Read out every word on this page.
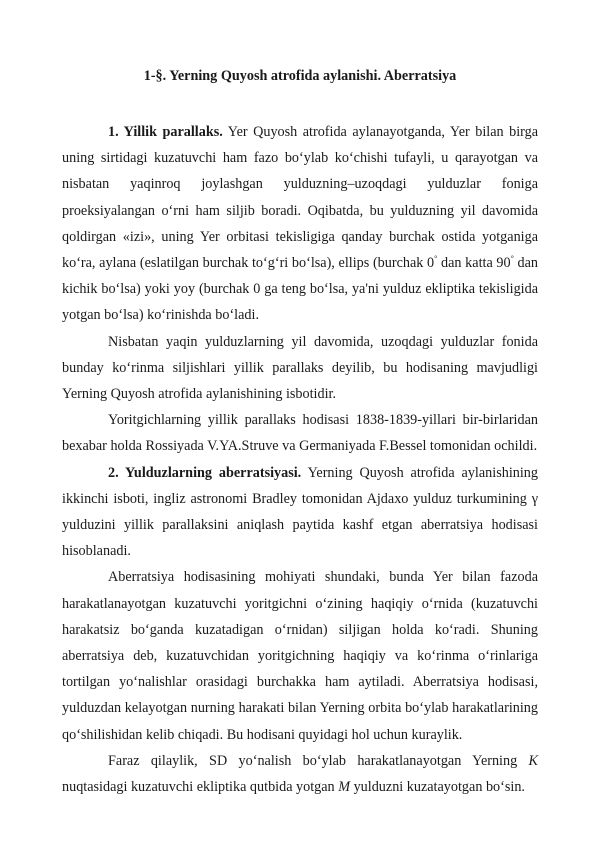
1-§. Yerning Quyosh atrofida aylanishi. Aberratsiya

1. Yillik parallaks. Yer Quyosh atrofida aylanayotganda, Yer bilan birga uning sirtidagi kuzatuvchi ham fazo bo‘ylab ko‘chishi tufayli, u qarayotgan va nisbatan yaqinroq joylashgan yulduzning–uzoqdagi yulduzlar foniga proeksiyalangan o‘rni ham siljib boradi. Oqibatda, bu yulduzning yil davomida qoldirgan «izi», uning Yer orbitasi tekisligiga qanday burchak ostida yotganiga ko‘ra, aylana (eslatilgan burchak to‘g‘ri bo‘lsa), ellips (burchak 0° dan katta 90° dan kichik bo‘lsa) yoki yoy (burchak 0 ga teng bo‘lsa, ya'ni yulduz ekliptika tekisligida yotgan bo‘lsa) ko‘rinishda bo‘ladi.

Nisbatan yaqin yulduzlarning yil davomida, uzoqdagi yulduzlar fonida bunday ko‘rinma siljishlari yillik parallaks deyilib, bu hodisaning mavjudligi Yerning Quyosh atrofida aylanishining isbotidir.

Yoritgichlarning yillik parallaks hodisasi 1838-1839-yillari bir-birlaridan bexabar holda Rossiyada V.YA.Struve va Germaniyada F.Bessel tomonidan ochildi.

2. Yulduzlarning aberratsiyasi. Yerning Quyosh atrofida aylanishining ikkinchi isboti, ingliz astronomi Bradley tomonidan Ajdaxo yulduz turkumining γ yulduzini yillik parallaksini aniqlash paytida kashf etgan aberratsiya hodisasi hisoblanadi.

Aberratsiya hodisasining mohiyati shundaki, bunda Yer bilan fazoda harakatlanayotgan kuzatuvchi yoritgichni o‘zining haqiqiy o‘rnida (kuzatuvchi harakatsiz bo‘ganda kuzatadigan o‘rnidan) siljigan holda ko‘radi. Shuning aberratsiya deb, kuzatuvchidan yoritgichning haqiqiy va ko‘rinma o‘rinlariga tortilgan yo‘nalishlar orasidagi burchakka ham aytiladi. Aberratsiya hodisasi, yulduzdan kelayotgan nurning harakati bilan Yerning orbita bo‘ylab harakatlarining qo‘shilishidan kelib chiqadi. Bu hodisani quyidagi hol uchun kuraylik.

Faraz qilaylik, SD yo‘nalish bo‘ylab harakatlanayotgan Yerning K nuqtasidagi kuzatuvchi ekliptika qutbida yotgan M yulduzni kuzatayotgan bo‘sin.
